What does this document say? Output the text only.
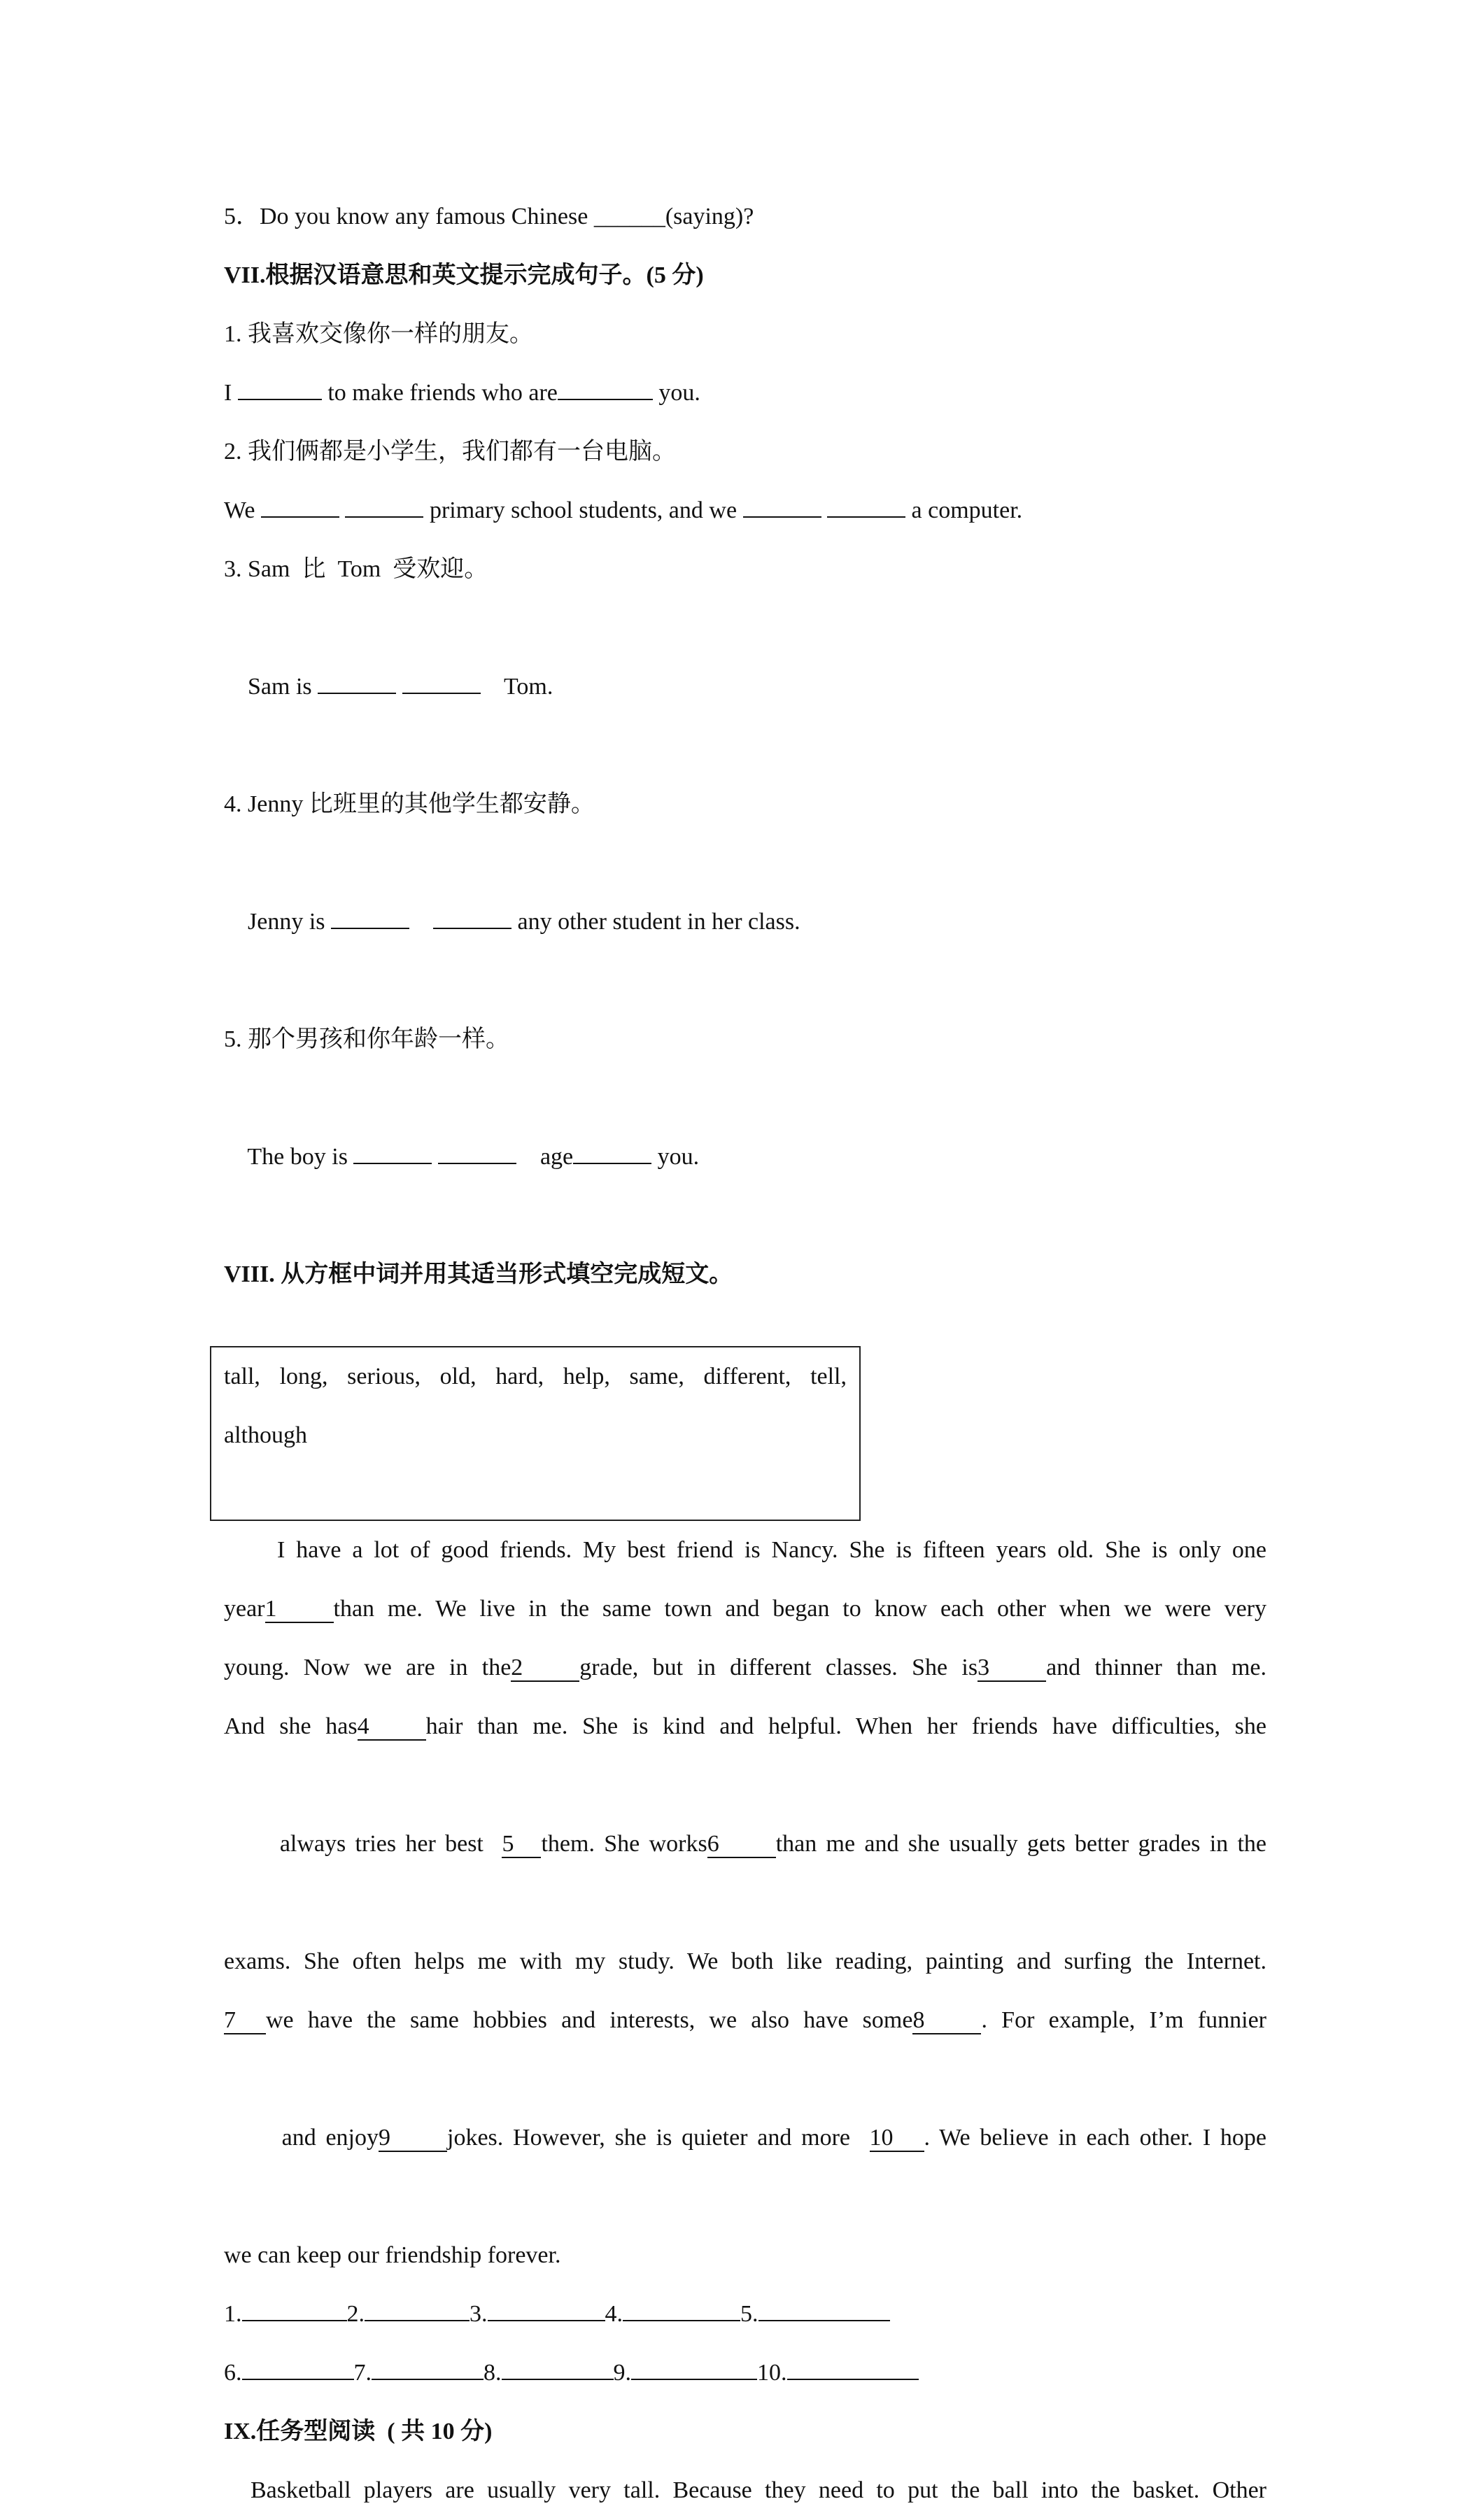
5．Do you know any famous Chinese ______(saying)?
VII.根据汉语意思和英文提示完成句子。(5 分)
1. 我喜欢交像你一样的朋友。
I	to make friends who are	you.
2. 我们俩都是小学生，我们都有一台电脑。
We	primary school students, and we	a computer.
3. Sam  比  Tom  受欢迎。

Sam is	Tom.

4. Jenny 比班里的其他学生都安静。

Jenny is	any other student in her class.

5. 那个男孩和你年龄一样。

The boy is	age	you.

VIII. 从方框中词并用其适当形式填空完成短文。

tall, long, serious, old, hard, help, same, different, tell,

although

I have a lot of good friends. My best friend is Nancy. She is fifteen years old. She is only one
year1 than me. We live in the same town and began to know each other when we were very
young. Now we are in the2 grade, but in different classes. She is3 and thinner than me.
And she has4 hair than me. She is kind and helpful. When her friends have difficulties, she

always tries her best  5 them. She works6 than me and she usually gets better grades in the

exams. She often helps me with my study. We both like reading, painting and surfing the Internet.
7 we have the same hobbies and interests, we also have some8 . For example, I’m funnier

and enjoy9 jokes. However, she is quieter and more  10 . We believe in each other. I hope

we can keep our friendship forever.
1.	2.	3.	4.	5.
6.	7.	8.	9.	10.
IX.任务型阅读  ( 共 10 分)
Basketball players are usually very tall. Because they need to put the ball into the basket. Other
